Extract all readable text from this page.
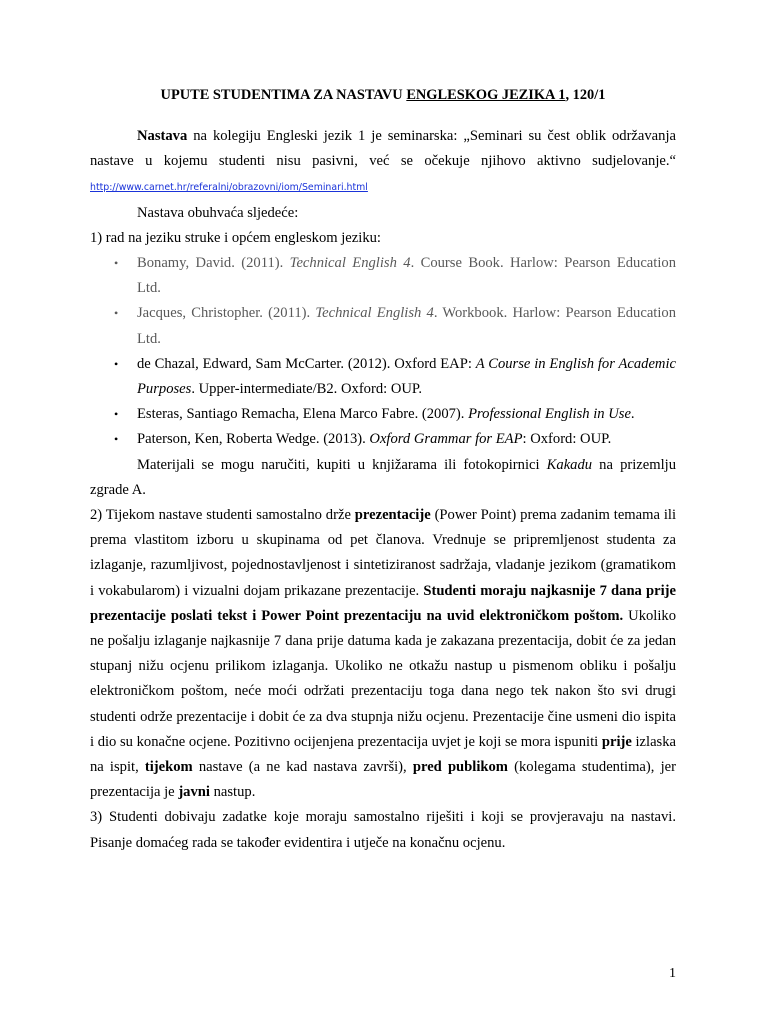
UPUTE STUDENTIMA ZA NASTAVU ENGLESKOG JEZIKA 1, 120/1

Nastava na kolegiju Engleski jezik 1 je seminarska: „Seminari su čest oblik održavanja nastave u kojemu studenti nisu pasivni, već se očekuje njihovo aktivno sudjelovanje.“ http://www.carnet.hr/referalni/obrazovni/iom/Seminari.html

Nastava obuhvaća sljedeće:

1) rad na jeziku struke i općem engleskom jeziku:

• Bonamy, David. (2011). Technical English 4. Course Book. Harlow: Pearson Education Ltd.
• Jacques, Christopher. (2011). Technical English 4. Workbook. Harlow: Pearson Education Ltd.
• de Chazal, Edward, Sam McCarter. (2012). Oxford EAP: A Course in English for Academic Purposes. Upper-intermediate/B2. Oxford: OUP.
• Esteras, Santiago Remacha, Elena Marco Fabre. (2007). Professional English in Use.
• Paterson, Ken, Roberta Wedge. (2013). Oxford Grammar for EAP: Oxford: OUP.

Materijali se mogu naručiti, kupiti u knjižarama ili fotokopirnici Kakadu na prizemlju zgrade A.

2) Tijekom nastave studenti samostalno drže prezentacije (Power Point) prema zadanim temama ili prema vlastitom izboru u skupinama od pet članova. Vrednuje se pripremljenost studenta za izlaganje, razumljivost, pojednostavljenost i sintetiziranost sadržaja, vladanje jezikom (gramatikom i vokabularom) i vizualni dojam prikazane prezentacije. Studenti moraju najkasnije 7 dana prije prezentacije poslati tekst i Power Point prezentaciju na uvid elektroničkom poštom. Ukoliko ne pošalju izlaganje najkasnije 7 dana prije datuma kada je zakazana prezentacija, dobit će za jedan stupanj nižu ocjenu prilikom izlaganja. Ukoliko ne otkažu nastup u pismenom obliku i pošalju elektroničkom poštom, neće moći održati prezentaciju toga dana nego tek nakon što svi drugi studenti održe prezentacije i dobit će za dva stupnja nižu ocjenu. Prezentacije čine usmeni dio ispita i dio su konačne ocjene. Pozitivno ocijenjena prezentacija uvjet je koji se mora ispuniti prije izlaska na ispit, tijekom nastave (a ne kad nastava završi), pred publikom (kolegama studentima), jer prezentacija je javni nastup.

3) Studenti dobivaju zadatke koje moraju samostalno riješiti i koji se provjeravaju na nastavi. Pisanje domaćeg rada se također evidentira i utječe na konačnu ocjenu.

1
